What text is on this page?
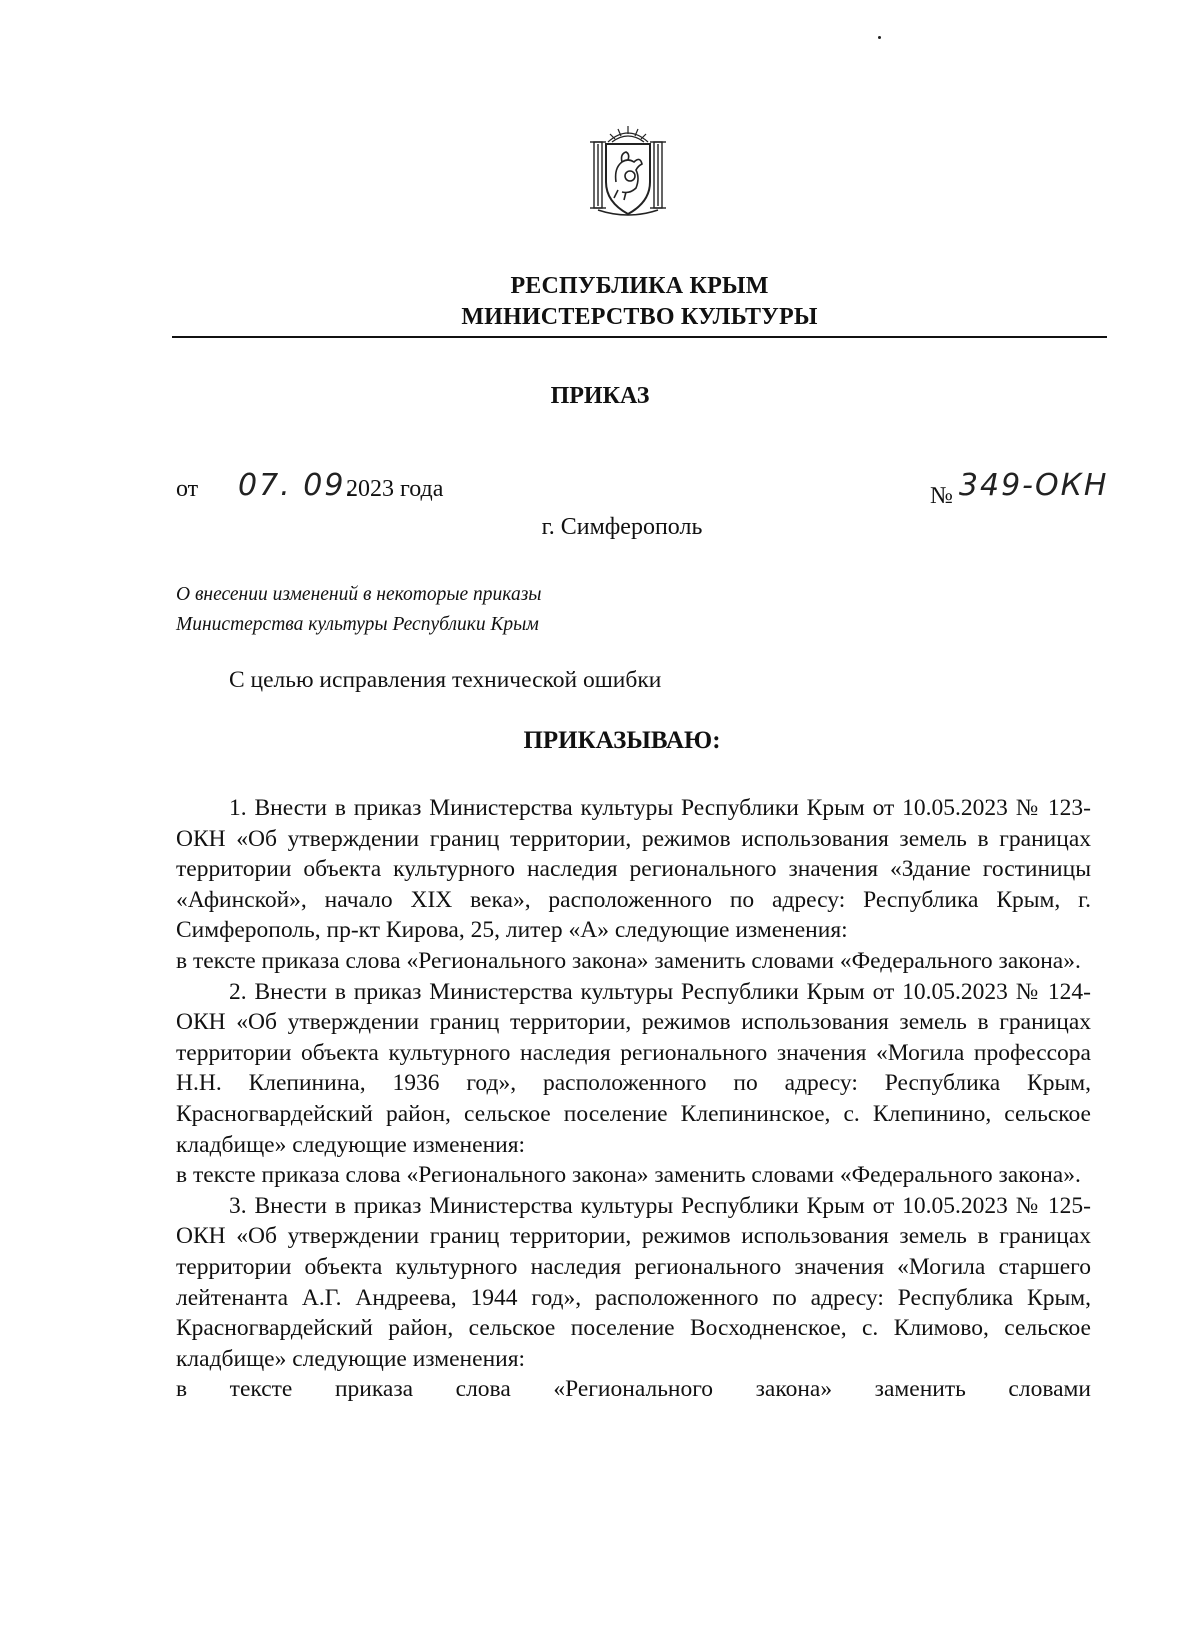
РЕСПУБЛИКА КРЫМ
МИНИСТЕРСТВО КУЛЬТУРЫ
ПРИКАЗ
от 07. 09.
2023 года	№ 349-ОКН
г. Симферополь
О внесении изменений в некоторые приказы
Министерства культуры Республики Крым
С целью исправления технической ошибки
ПРИКАЗЫВАЮ:

1. Внести в приказ Министерства культуры Республики Крым от 10.05.2023 № 123-ОКН «Об утверждении границ территории, режимов использования земель в границах территории объекта культурного наследия регионального значения «Здание гостиницы «Афинской», начало XIX века», расположенного по адресу: Республика Крым, г. Симферополь, пр-кт Кирова, 25, литер «А» следующие изменения:

в тексте приказа слова «Регионального закона» заменить словами «Федерального закона».

2. Внести в приказ Министерства культуры Республики Крым от 10.05.2023 № 124-ОКН «Об утверждении границ территории, режимов использования земель в границах территории объекта культурного наследия регионального значения «Могила профессора Н.Н. Клепинина, 1936 год», расположенного по адресу: Республика Крым, Красногвардейский район, сельское поселение Клепининское, с. Клепинино, сельское кладбище» следующие изменения:

в тексте приказа слова «Регионального закона» заменить словами «Федерального закона».

3. Внести в приказ Министерства культуры Республики Крым от 10.05.2023 № 125-ОКН «Об утверждении границ территории, режимов использования земель в границах территории объекта культурного наследия регионального значения «Могила старшего лейтенанта А.Г. Андреева, 1944 год», расположенного по адресу: Республика Крым, Красногвардейский район, сельское поселение Восходненское, с. Климово, сельское кладбище» следующие изменения:

в тексте приказа слова «Регионального закона» заменить словами
